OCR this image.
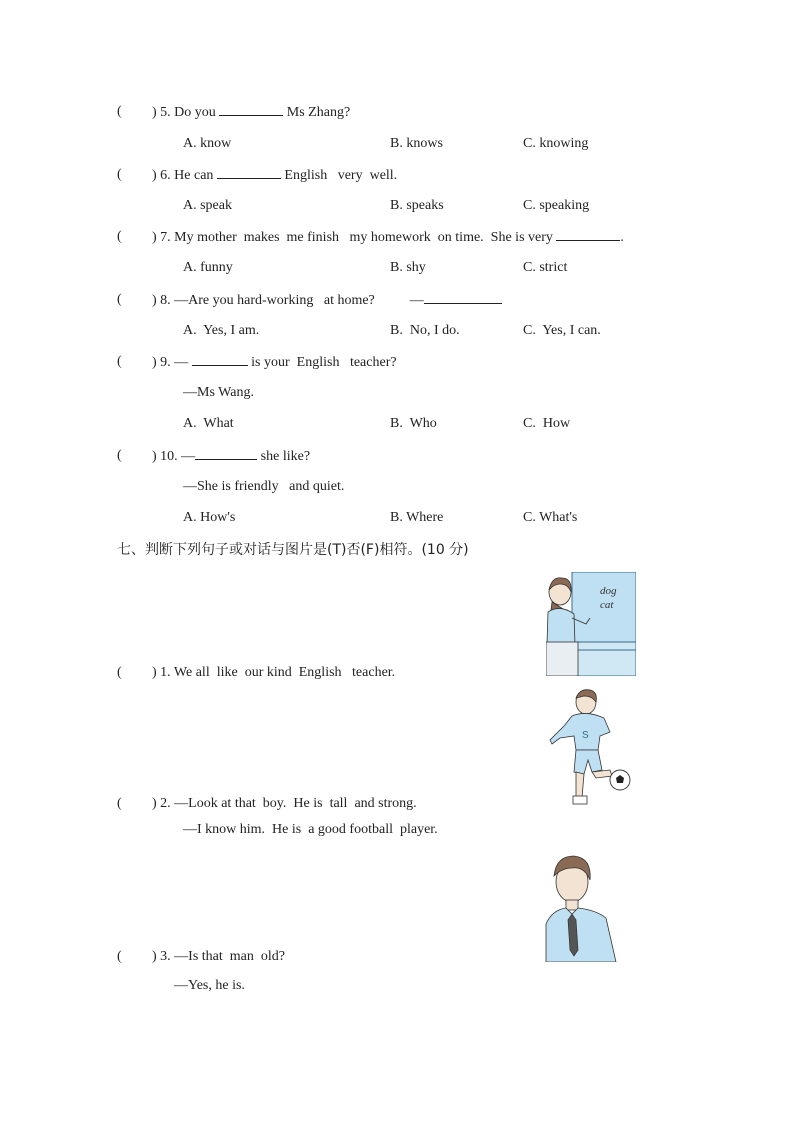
( ) 5. Do you	Ms Zhang?
A. know	B. knows	C. knowing
( ) 6. He can	English   very  well.
A. speak	B. speaks	C. speaking
( ) 7. My mother  makes  me finish   my homework  on time.  She is very	.
A. funny	B. shy	C. strict
( ) 8. —Are you hard-working   at home?          —
A.  Yes, I am.	B.  No, I do.	C.  Yes, I can.
( ) 9. —	is your  English   teacher?
—Ms Wang.
A.  What	B.  Who	C.  How
( ) 10. —	she like?
—She is friendly   and quiet.
A. How's	B. Where	C. What's
七、判断下列句子或对话与图片是(T)否(F)相符。(10 分)
dog
cat
( ) 1. We all  like  our kind  English   teacher.
S
( ) 2. —Look at that  boy.  He is  tall  and strong.
—I know him.  He is  a good football  player.
( ) 3. —Is that  man  old?
—Yes, he is.
